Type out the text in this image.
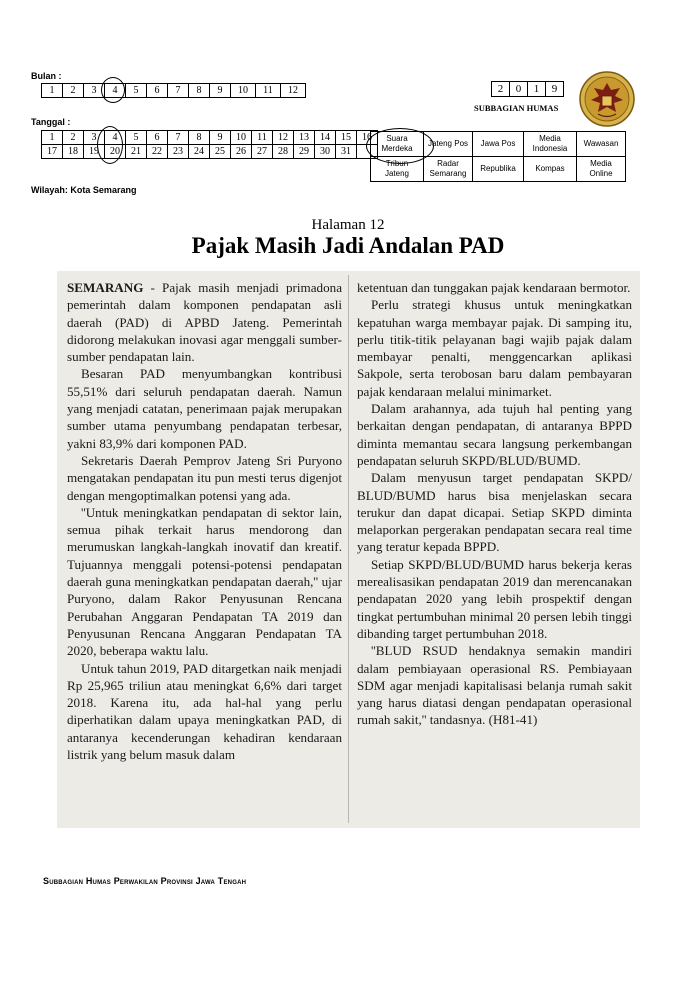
Bulan :
1	2	3	4	5	6	7	8	9	10	11	12
Tanggal :
1	2	3	4	5	6	7	8	9	10	11	12	13	14	15	16
17	18	19	20	21	22	23	24	25	26	27	28	29	30	31	
Wilayah: Kota Semarang
2	0	1	9
SUBBAGIAN HUMAS
Suara Merdeka	Jateng Pos	Jawa Pos	Media Indonesia	Wawasan
Tribun Jateng	Radar Semarang	Republika	Kompas	Media Online
Halaman 12
Pajak Masih Jadi Andalan PAD

SEMARANG - Pajak masih menjadi primadona pemerintah dalam komponen pendapatan asli daerah (PAD) di APBD Jateng. Pemerintah didorong melakukan inovasi agar menggali sumber-sumber pendapatan lain.

Besaran PAD menyumbangkan kontribusi 55,51% dari seluruh pendapatan daerah. Namun yang menjadi catatan, penerimaan pajak merupakan sumber utama penyumbang pendapatan terbesar, yakni 83,9% dari komponen PAD.

Sekretaris Daerah Pemprov Jateng Sri Puryono mengatakan pendapatan itu pun mesti terus digenjot dengan mengoptimalkan potensi yang ada.

''Untuk meningkatkan pendapatan di sektor lain, semua pihak terkait harus mendorong dan merumuskan langkah-langkah inovatif dan kreatif. Tujuannya menggali potensi-potensi pendapatan daerah guna meningkatkan pendapatan daerah,'' ujar Puryono, dalam Rakor Penyusunan Rencana Perubahan Anggaran Pendapatan TA 2019 dan Penyusunan Rencana Anggaran Pendapatan TA 2020, beberapa waktu lalu.

Untuk tahun 2019, PAD ditargetkan naik menjadi Rp 25,965 triliun atau meningkat 6,6% dari target 2018. Karena itu, ada hal-hal yang perlu diperhatikan dalam upaya meningkatkan PAD, di antaranya kecenderungan kehadiran kendaraan listrik yang belum masuk dalam

ketentuan dan tunggakan pajak kendaraan bermotor.

Perlu strategi khusus untuk meningkatkan kepatuhan warga membayar pajak. Di samping itu, perlu titik-titik pelayanan bagi wajib pajak dalam membayar penalti, menggencarkan aplikasi Sakpole, serta terobosan baru dalam pembayaran pajak kendaraan melalui minimarket.

Dalam arahannya, ada tujuh hal penting yang berkaitan dengan pendapatan, di antaranya BPPD diminta memantau secara langsung perkembangan pendapatan seluruh SKPD/BLUD/BUMD.

Dalam menyusun target pendapatan SKPD/ BLUD/BUMD harus bisa menjelaskan secara terukur dan dapat dicapai. Setiap SKPD diminta melaporkan pergerakan pendapatan secara real time yang teratur kepada BPPD.

Setiap SKPD/BLUD/BUMD harus bekerja keras merealisasikan pendapatan 2019 dan merencanakan pendapatan 2020 yang lebih prospektif dengan tingkat pertumbuhan minimal 20 persen lebih tinggi dibanding target pertumbuhan 2018.

''BLUD RSUD hendaknya semakin mandiri dalam pembiayaan operasional RS. Pembiayaan SDM agar menjadi kapitalisasi belanja rumah sakit yang harus diatasi dengan pendapatan operasional rumah sakit,'' tandasnya. (H81-41)

Subbagian Humas Perwakilan Provinsi Jawa Tengah
